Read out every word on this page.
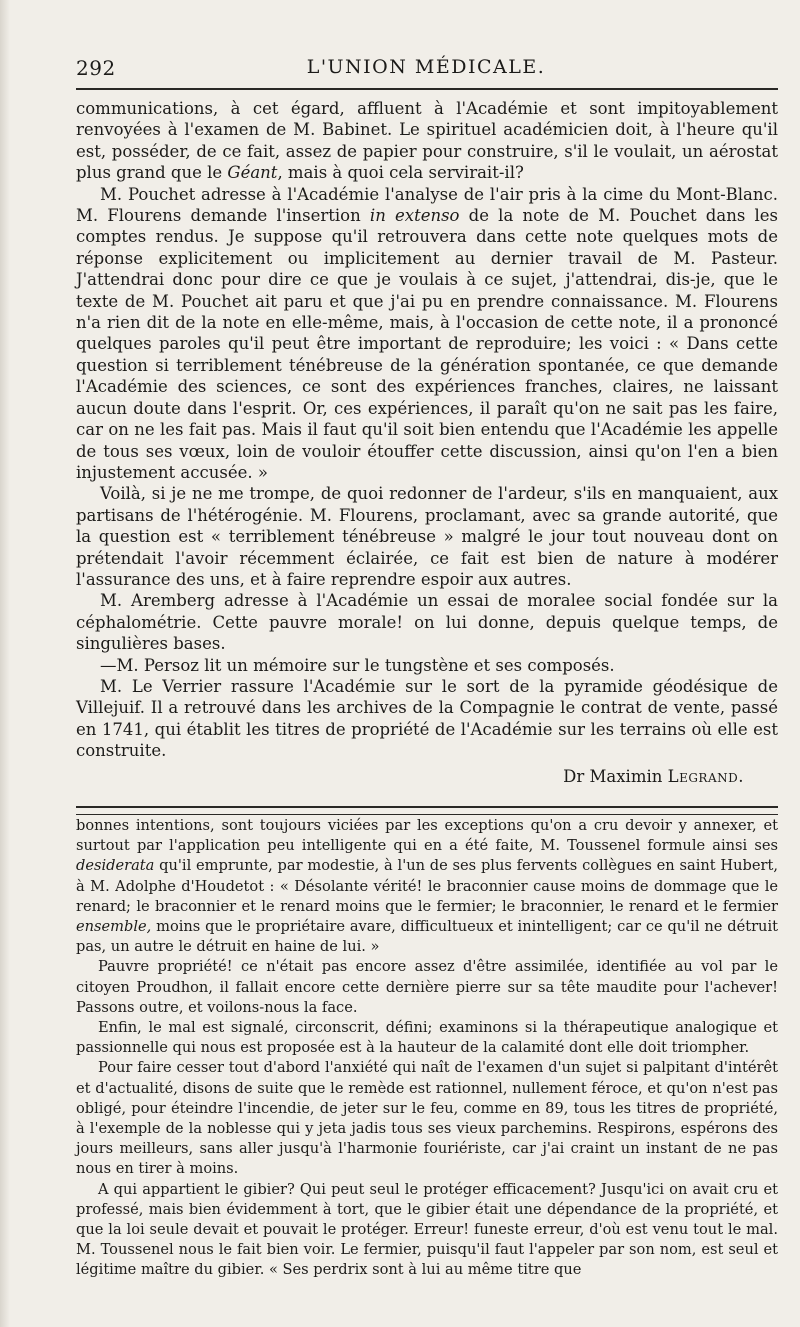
292	L'UNION MÉDICALE.

communications, à cet égard, affluent à l'Académie et sont impitoyablement renvoyées à l'examen de M. Babinet. Le spirituel académicien doit, à l'heure qu'il est, posséder, de ce fait, assez de papier pour construire, s'il le voulait, un aérostat plus grand que le Géant, mais à quoi cela servirait-il?

M. Pouchet adresse à l'Académie l'analyse de l'air pris à la cime du Mont-Blanc. M. Flourens demande l'insertion in extenso de la note de M. Pouchet dans les comptes rendus. Je suppose qu'il retrouvera dans cette note quelques mots de réponse explicitement ou implicitement au dernier travail de M. Pasteur. J'attendrai donc pour dire ce que je voulais à ce sujet, j'attendrai, dis-je, que le texte de M. Pouchet ait paru et que j'ai pu en prendre connaissance. M. Flourens n'a rien dit de la note en elle-même, mais, à l'occasion de cette note, il a prononcé quelques paroles qu'il peut être important de reproduire; les voici : « Dans cette question si terriblement ténébreuse de la génération spontanée, ce que demande l'Académie des sciences, ce sont des expériences franches, claires, ne laissant aucun doute dans l'esprit. Or, ces expériences, il paraît qu'on ne sait pas les faire, car on ne les fait pas. Mais il faut qu'il soit bien entendu que l'Académie les appelle de tous ses vœux, loin de vouloir étouffer cette discussion, ainsi qu'on l'en a bien injustement accusée. »

Voilà, si je ne me trompe, de quoi redonner de l'ardeur, s'ils en manquaient, aux partisans de l'hétérogénie. M. Flourens, proclamant, avec sa grande autorité, que la question est « terriblement ténébreuse » malgré le jour tout nouveau dont on prétendait l'avoir récemment éclairée, ce fait est bien de nature à modérer l'assurance des uns, et à faire reprendre espoir aux autres.

M. Aremberg adresse à l'Académie un essai de moralee social fondée sur la céphalométrie. Cette pauvre morale! on lui donne, depuis quelque temps, de singulières bases.

—M. Persoz lit un mémoire sur le tungstène et ses composés.

M. Le Verrier rassure l'Académie sur le sort de la pyramide géodésique de Villejuif. Il a retrouvé dans les archives de la Compagnie le contrat de vente, passé en 1741, qui établit les titres de propriété de l'Académie sur les terrains où elle est construite.

Dr Maximin Legrand.

bonnes intentions, sont toujours viciées par les exceptions qu'on a cru devoir y annexer, et surtout par l'application peu intelligente qui en a été faite, M. Toussenel formule ainsi ses desiderata qu'il emprunte, par modestie, à l'un de ses plus fervents collègues en saint Hubert, à M. Adolphe d'Houdetot : « Désolante vérité! le braconnier cause moins de dommage que le renard; le braconnier et le renard moins que le fermier; le braconnier, le renard et le fermier ensemble, moins que le propriétaire avare, difficultueux et inintelligent; car ce qu'il ne détruit pas, un autre le détruit en haine de lui. »

Pauvre propriété! ce n'était pas encore assez d'être assimilée, identifiée au vol par le citoyen Proudhon, il fallait encore cette dernière pierre sur sa tête maudite pour l'achever! Passons outre, et voilons-nous la face.

Enfin, le mal est signalé, circonscrit, défini; examinons si la thérapeutique analogique et passionnelle qui nous est proposée est à la hauteur de la calamité dont elle doit triompher.

Pour faire cesser tout d'abord l'anxiété qui naît de l'examen d'un sujet si palpitant d'intérêt et d'actualité, disons de suite que le remède est rationnel, nullement féroce, et qu'on n'est pas obligé, pour éteindre l'incendie, de jeter sur le feu, comme en 89, tous les titres de propriété, à l'exemple de la noblesse qui y jeta jadis tous ses vieux parchemins. Respirons, espérons des jours meilleurs, sans aller jusqu'à l'harmonie fouriériste, car j'ai craint un instant de ne pas nous en tirer à moins.

A qui appartient le gibier? Qui peut seul le protéger efficacement? Jusqu'ici on avait cru et professé, mais bien évidemment à tort, que le gibier était une dépendance de la propriété, et que la loi seule devait et pouvait le protéger. Erreur! funeste erreur, d'où est venu tout le mal. M. Toussenel nous le fait bien voir. Le fermier, puisqu'il faut l'appeler par son nom, est seul et légitime maître du gibier. « Ses perdrix sont à lui au même titre que
